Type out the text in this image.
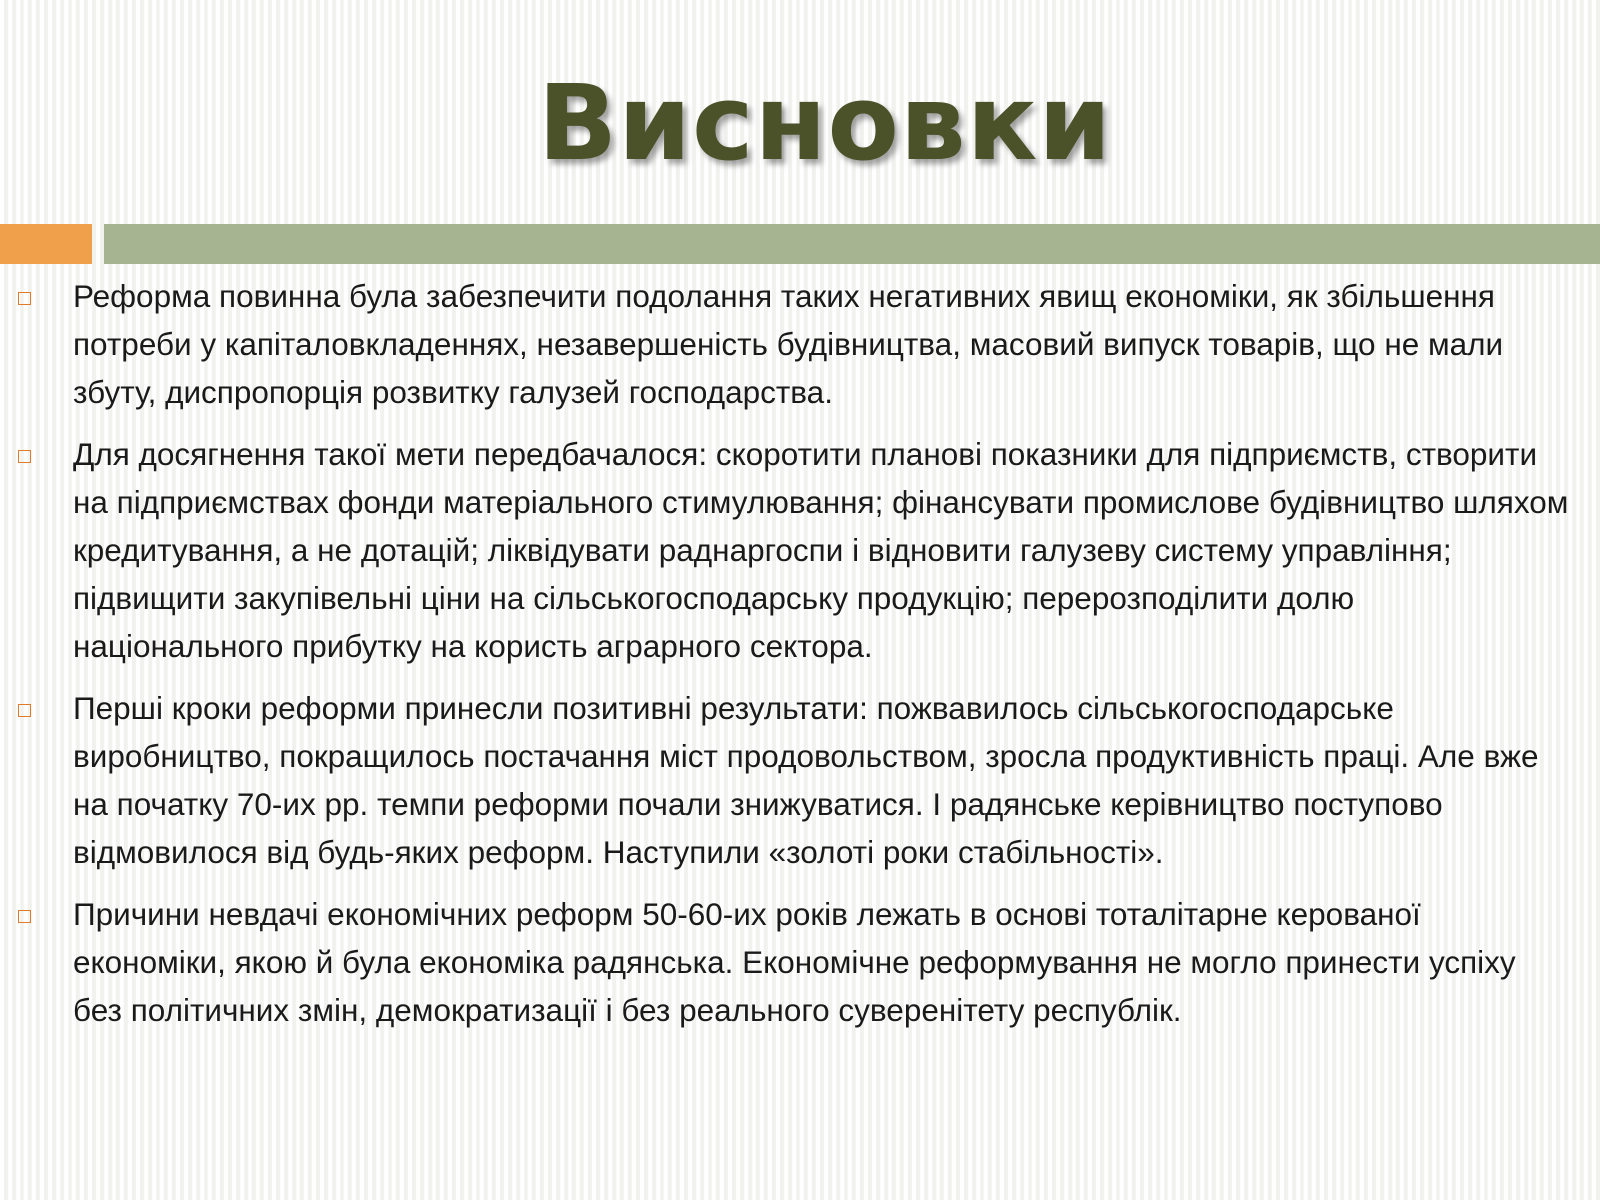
Висновки
Реформа повинна була забезпечити подолання таких негативних явищ економіки, як збільшення потреби у капіталовкладеннях, незавершеність будівництва, масовий випуск товарів, що не мали збуту, диспропорція розвитку галузей господарства.
Для досягнення такої мети передбачалося: скоротити планові показники для підприємств, створити на підприємствах фонди матеріального стимулювання; фінансувати промислове будівництво шляхом кредитування, а не дотацій; ліквідувати раднаргоспи і відновити галузеву систему управління; підвищити закупівельні ціни на сільськогосподарську продукцію; перерозподілити долю національного прибутку на користь аграрного сектора.
Перші кроки реформи принесли позитивні результати: пожвавилось сільськогосподарське виробництво, покращилось постачання міст продовольством, зросла продуктивність праці. Але вже на початку 70-их рр. темпи реформи почали знижуватися. І радянське керівництво поступово відмовилося від будь-яких реформ. Наступили «золоті роки стабільності».
Причини невдачі економічних реформ 50-60-их років лежать в основі тоталітарне керованої економіки, якою й була економіка радянська. Економічне реформування не могло принести успіху без політичних змін, демократизації і без реального суверенітету республік.
